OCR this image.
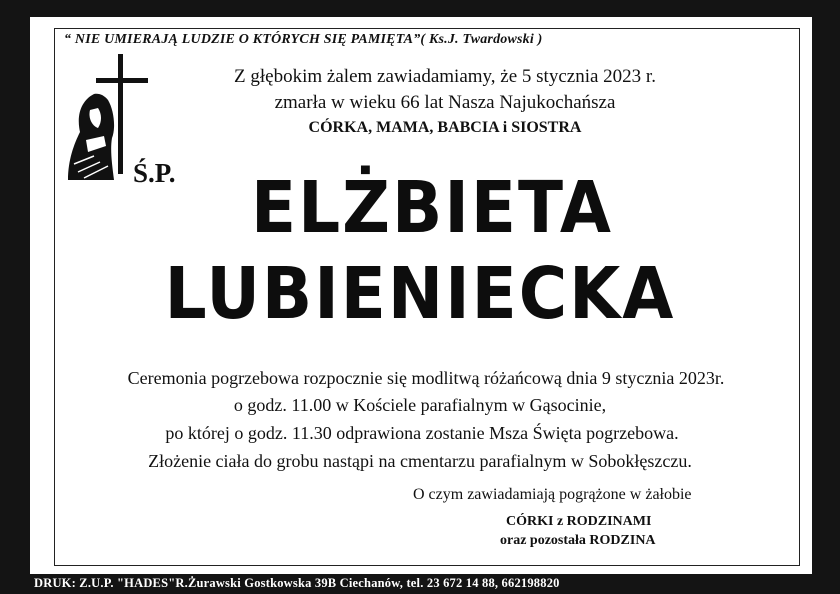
“ NIE UMIERAJĄ LUDZIE O KTÓRYCH SIĘ PAMIĘTA”( Ks.J. Twardowski )
Z głębokim żalem zawiadamiamy, że 5 stycznia 2023 r.
zmarła w wieku 66 lat Nasza Najukochańsza
CÓRKA, MAMA, BABCIA i SIOSTRA
Ś.P.	ELŻBIETA
LUBIENIECKA
Ceremonia pogrzebowa rozpocznie się modlitwą różańcową dnia 9 stycznia 2023r.
o godz. 11.00 w Kościele parafialnym w Gąsocinie,
po której o godz. 11.30 odprawiona zostanie Msza Święta pogrzebowa.
Złożenie ciała do grobu nastąpi na cmentarzu parafialnym w Sobokłęszczu.
O czym zawiadamiają pogrążone w żałobie
CÓRKI z RODZINAMI
oraz pozostała RODZINA
DRUK: Z.U.P. "HADES"R.Żurawski Gostkowska 39B Ciechanów, tel. 23 672 14 88, 662198820
